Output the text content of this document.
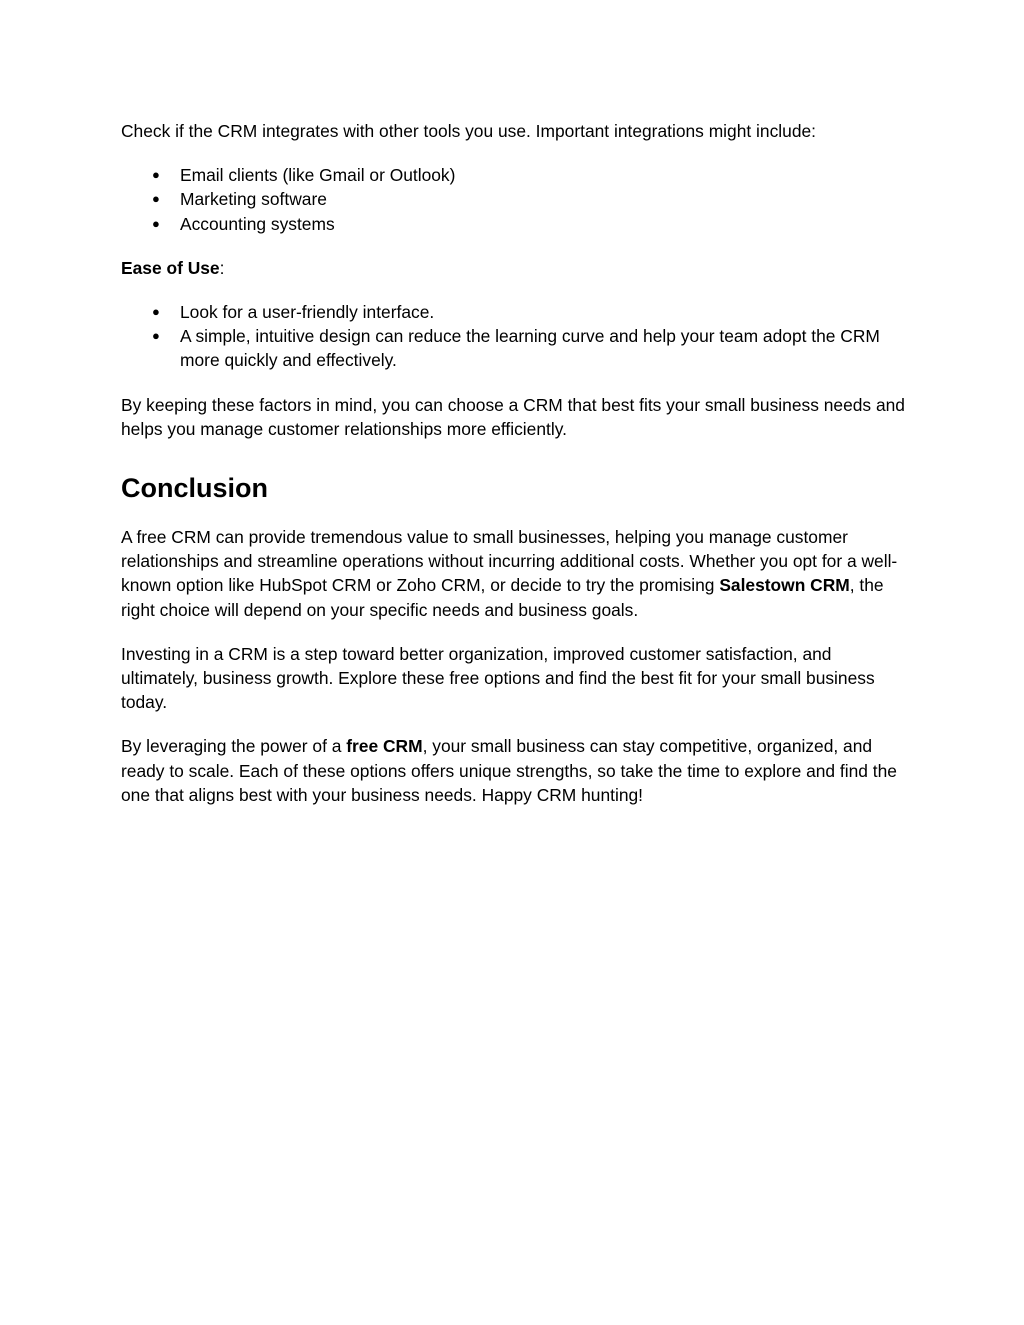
Check if the CRM integrates with other tools you use. Important integrations might include:

● Email clients (like Gmail or Outlook)
● Marketing software
● Accounting systems

Ease of Use:

● Look for a user-friendly interface.
● A simple, intuitive design can reduce the learning curve and help your team adopt the CRM more quickly and effectively.

By keeping these factors in mind, you can choose a CRM that best fits your small business needs and helps you manage customer relationships more efficiently.

Conclusion

A free CRM can provide tremendous value to small businesses, helping you manage customer relationships and streamline operations without incurring additional costs. Whether you opt for a well-known option like HubSpot CRM or Zoho CRM, or decide to try the promising Salestown CRM, the right choice will depend on your specific needs and business goals.

Investing in a CRM is a step toward better organization, improved customer satisfaction, and ultimately, business growth. Explore these free options and find the best fit for your small business today.

By leveraging the power of a free CRM, your small business can stay competitive, organized, and ready to scale. Each of these options offers unique strengths, so take the time to explore and find the one that aligns best with your business needs. Happy CRM hunting!
